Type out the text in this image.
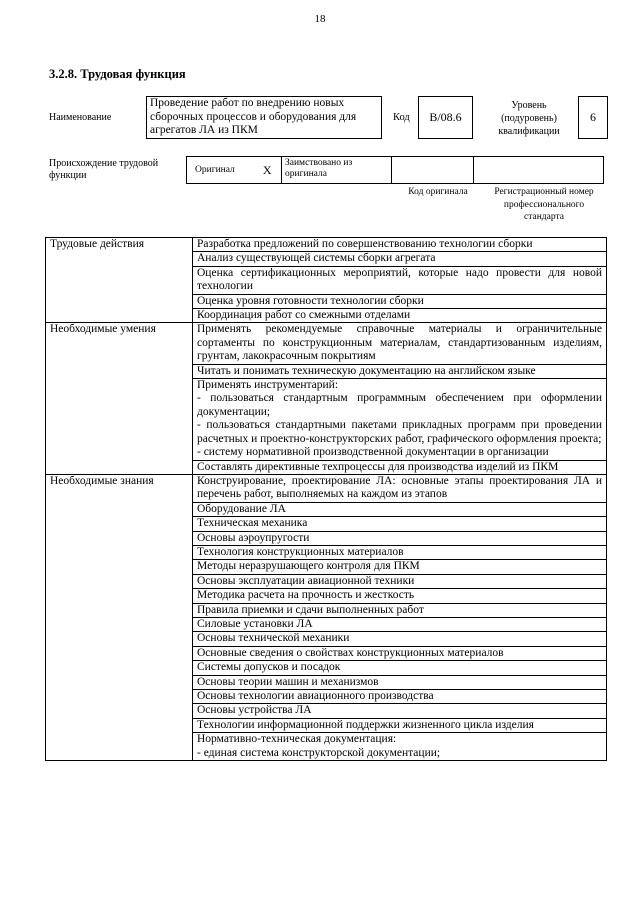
18
3.2.8. Трудовая функция
Наименование
Проведение работ по внедрению новых сборочных процессов и оборудования для агрегатов ЛА из ПКМ
Код	B/08.6
Уровень (подуровень) квалификации
6
Происхождение трудовой функции
Оригинал X	Заимствовано из оригинала
Код оригинала	Регистрационный номер профессионального стандарта
Трудовые действия	Разработка предложений по совершенствованию технологии сборки
	Анализ существующей системы сборки агрегата
	Оценка сертификационных мероприятий, которые надо провести для новой технологии
	Оценка уровня готовности технологии сборки
	Координация работ со смежными отделами
Необходимые умения	Применять рекомендуемые справочные материалы и ограничительные сортаменты по конструкционным материалам, стандартизованным изделиям, грунтам, лакокрасочным покрытиям
	Читать и понимать техническую документацию на английском языке
	Применять инструментарий:
- пользоваться стандартным программным обеспечением при оформлении документации;
- пользоваться стандартными пакетами прикладных программ при проведении расчетных и проектно-конструкторских работ, графического оформления проекта;
- систему нормативной производственной документации в организации
	Составлять директивные техпроцессы для производства изделий из ПКМ
Необходимые знания	Конструирование, проектирование ЛА: основные этапы проектирования ЛА и перечень работ, выполняемых на каждом из этапов
	Оборудование ЛА
	Техническая механика
	Основы аэроупругости
	Технология конструкционных материалов
	Методы неразрушающего контроля для ПКМ
	Основы эксплуатации авиационной техники
	Методика расчета на прочность и жесткость
	Правила приемки и сдачи выполненных работ
	Силовые установки ЛА
	Основы технической механики
	Основные сведения о свойствах конструкционных материалов
	Системы допусков и посадок
	Основы теории машин и механизмов
	Основы технологии авиационного производства
	Основы устройства ЛА
	Технологии информационной поддержки жизненного цикла изделия
	Нормативно-техническая документация:
- единая система конструкторской документации;
